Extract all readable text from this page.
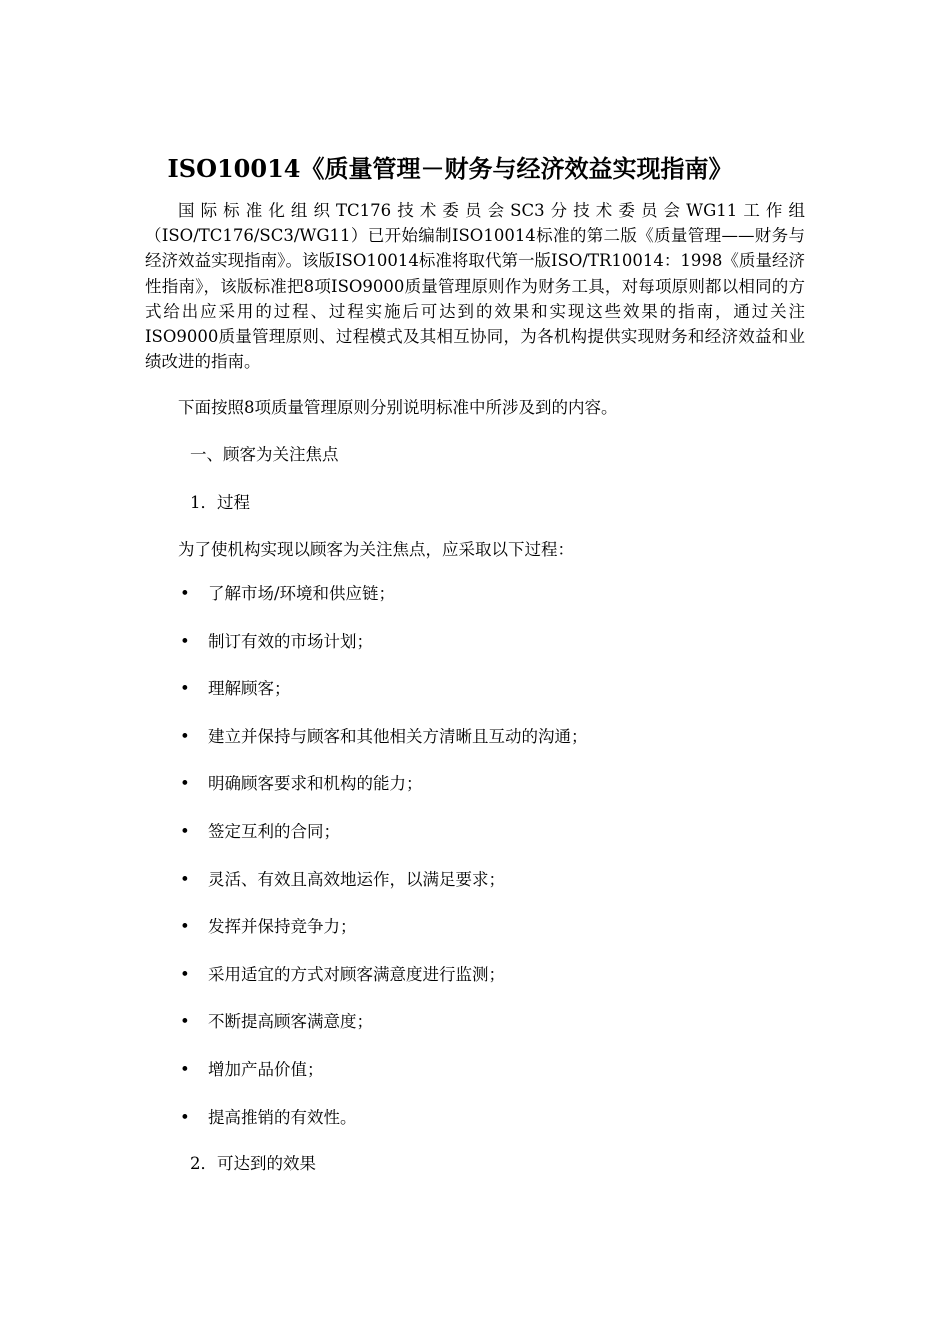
ISO10014《质量管理－财务与经济效益实现指南》

国际标准化组织TC176技术委员会SC3分技术委员会WG11工作组（ISO/TC176/SC3/WG11）已开始编制ISO10014标准的第二版《质量管理——财务与经济效益实现指南》。该版ISO10014标准将取代第一版ISO/TR10014：1998《质量经济性指南》，该版标准把8项ISO9000质量管理原则作为财务工具，对每项原则都以相同的方式给出应采用的过程、过程实施后可达到的效果和实现这些效果的指南，通过关注ISO9000质量管理原则、过程模式及其相互协同，为各机构提供实现财务和经济效益和业绩改进的指南。

下面按照8项质量管理原则分别说明标准中所涉及到的内容。

一、顾客为关注焦点

1．过程

为了使机构实现以顾客为关注焦点，应采取以下过程：

• 了解市场/环境和供应链；
• 制订有效的市场计划；
• 理解顾客；
• 建立并保持与顾客和其他相关方清晰且互动的沟通；
• 明确顾客要求和机构的能力；
• 签定互利的合同；
• 灵活、有效且高效地运作，以满足要求；
• 发挥并保持竞争力；
• 采用适宜的方式对顾客满意度进行监测；
• 不断提高顾客满意度；
• 增加产品价值；
• 提高推销的有效性。

2．可达到的效果
